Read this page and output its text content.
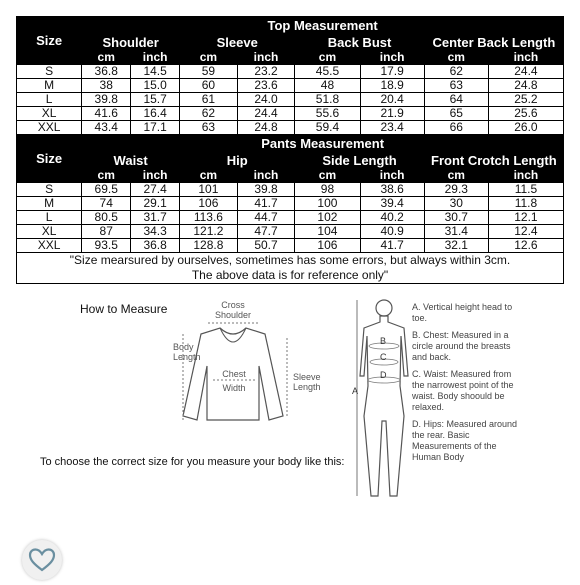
Size	Top Measurement							
	Shoulder		Sleeve		Back Bust		Center Back Length	
	cm	inch	cm	inch	cm	inch	cm	inch
S	36.8	14.5	59	23.2	45.5	17.9	62	24.4
M	38	15.0	60	23.6	48	18.9	63	24.8
L	39.8	15.7	61	24.0	51.8	20.4	64	25.2
XL	41.6	16.4	62	24.4	55.6	21.9	65	25.6
XXL	43.4	17.1	63	24.8	59.4	23.4	66	26.0
Size	Pants Measurement							
	Waist		Hip		Side Length		Front Crotch Length	
	cm	inch	cm	inch	cm	inch	cm	inch
S	69.5	27.4	101	39.8	98	38.6	29.3	11.5
M	74	29.1	106	41.7	100	39.4	30	11.8
L	80.5	31.7	113.6	44.7	102	40.2	30.7	12.1
XL	87	34.3	121.2	47.7	104	40.9	31.4	12.4
XXL	93.5	36.8	128.8	50.7	106	41.7	32.1	12.6
"Size mearsured by ourselves, sometimes has some errors, but always within 3cm.
The above data is for reference only"								
How to Measure	Cross
Shoulder
Body
Length
Chest
Width
Sleeve
Length
To choose the correct size for you measure your body like this:
A
B
C
D
A. Vertical height head to toe.
B. Chest: Measured in a circle around the breasts and back.
C. Waist: Measured from the narrowest point of the waist. Body shoould be relaxed.
D. Hips: Measured around the rear. Basic Measurements of the Human Body
